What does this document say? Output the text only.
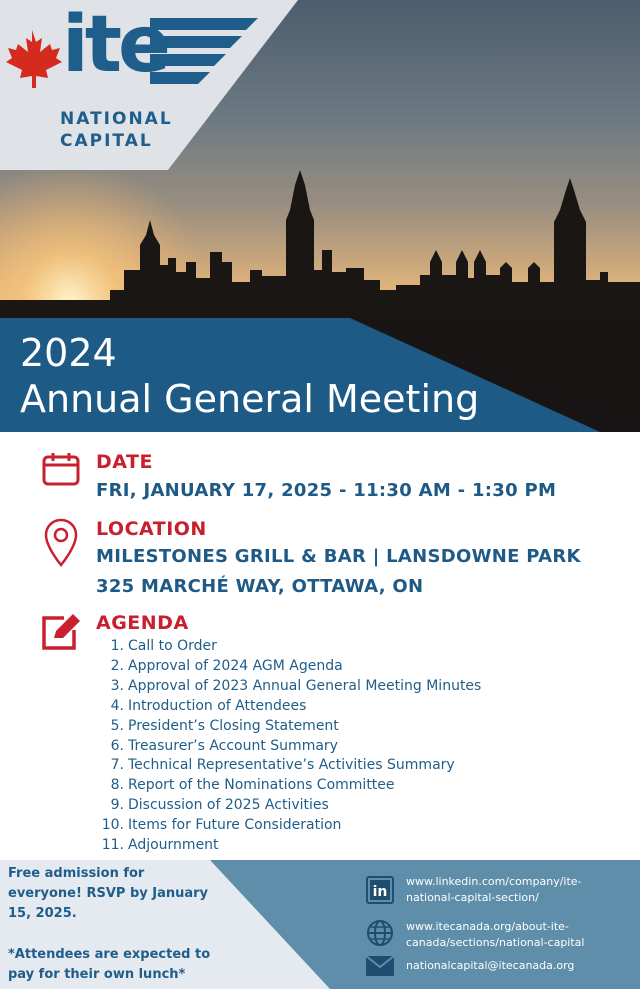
ite
NATIONAL
CAPITAL
2024
Annual General Meeting
DATE
FRI, JANUARY 17, 2025 - 11:30 AM - 1:30 PM
LOCATION
MILESTONES GRILL & BAR | LANSDOWNE PARK
325 MARCHÉ WAY, OTTAWA, ON
AGENDA
1. Call to Order
2. Approval of 2024 AGM Agenda
3. Approval of 2023 Annual General Meeting Minutes
4. Introduction of Attendees
5. President’s Closing Statement
6. Treasurer’s Account Summary
7. Technical Representative’s Activities Summary
8. Report of the Nominations Committee
9. Discussion of 2025 Activities
10. Items for Future Consideration
11. Adjournment
Free admission for
everyone! RSVP by January
15, 2025.
*Attendees are expected to
pay for their own lunch*
in
www.linkedin.com/company/ite-
national-capital-section/
www.itecanada.org/about-ite-
canada/sections/national-capital
nationalcapital@itecanada.org
